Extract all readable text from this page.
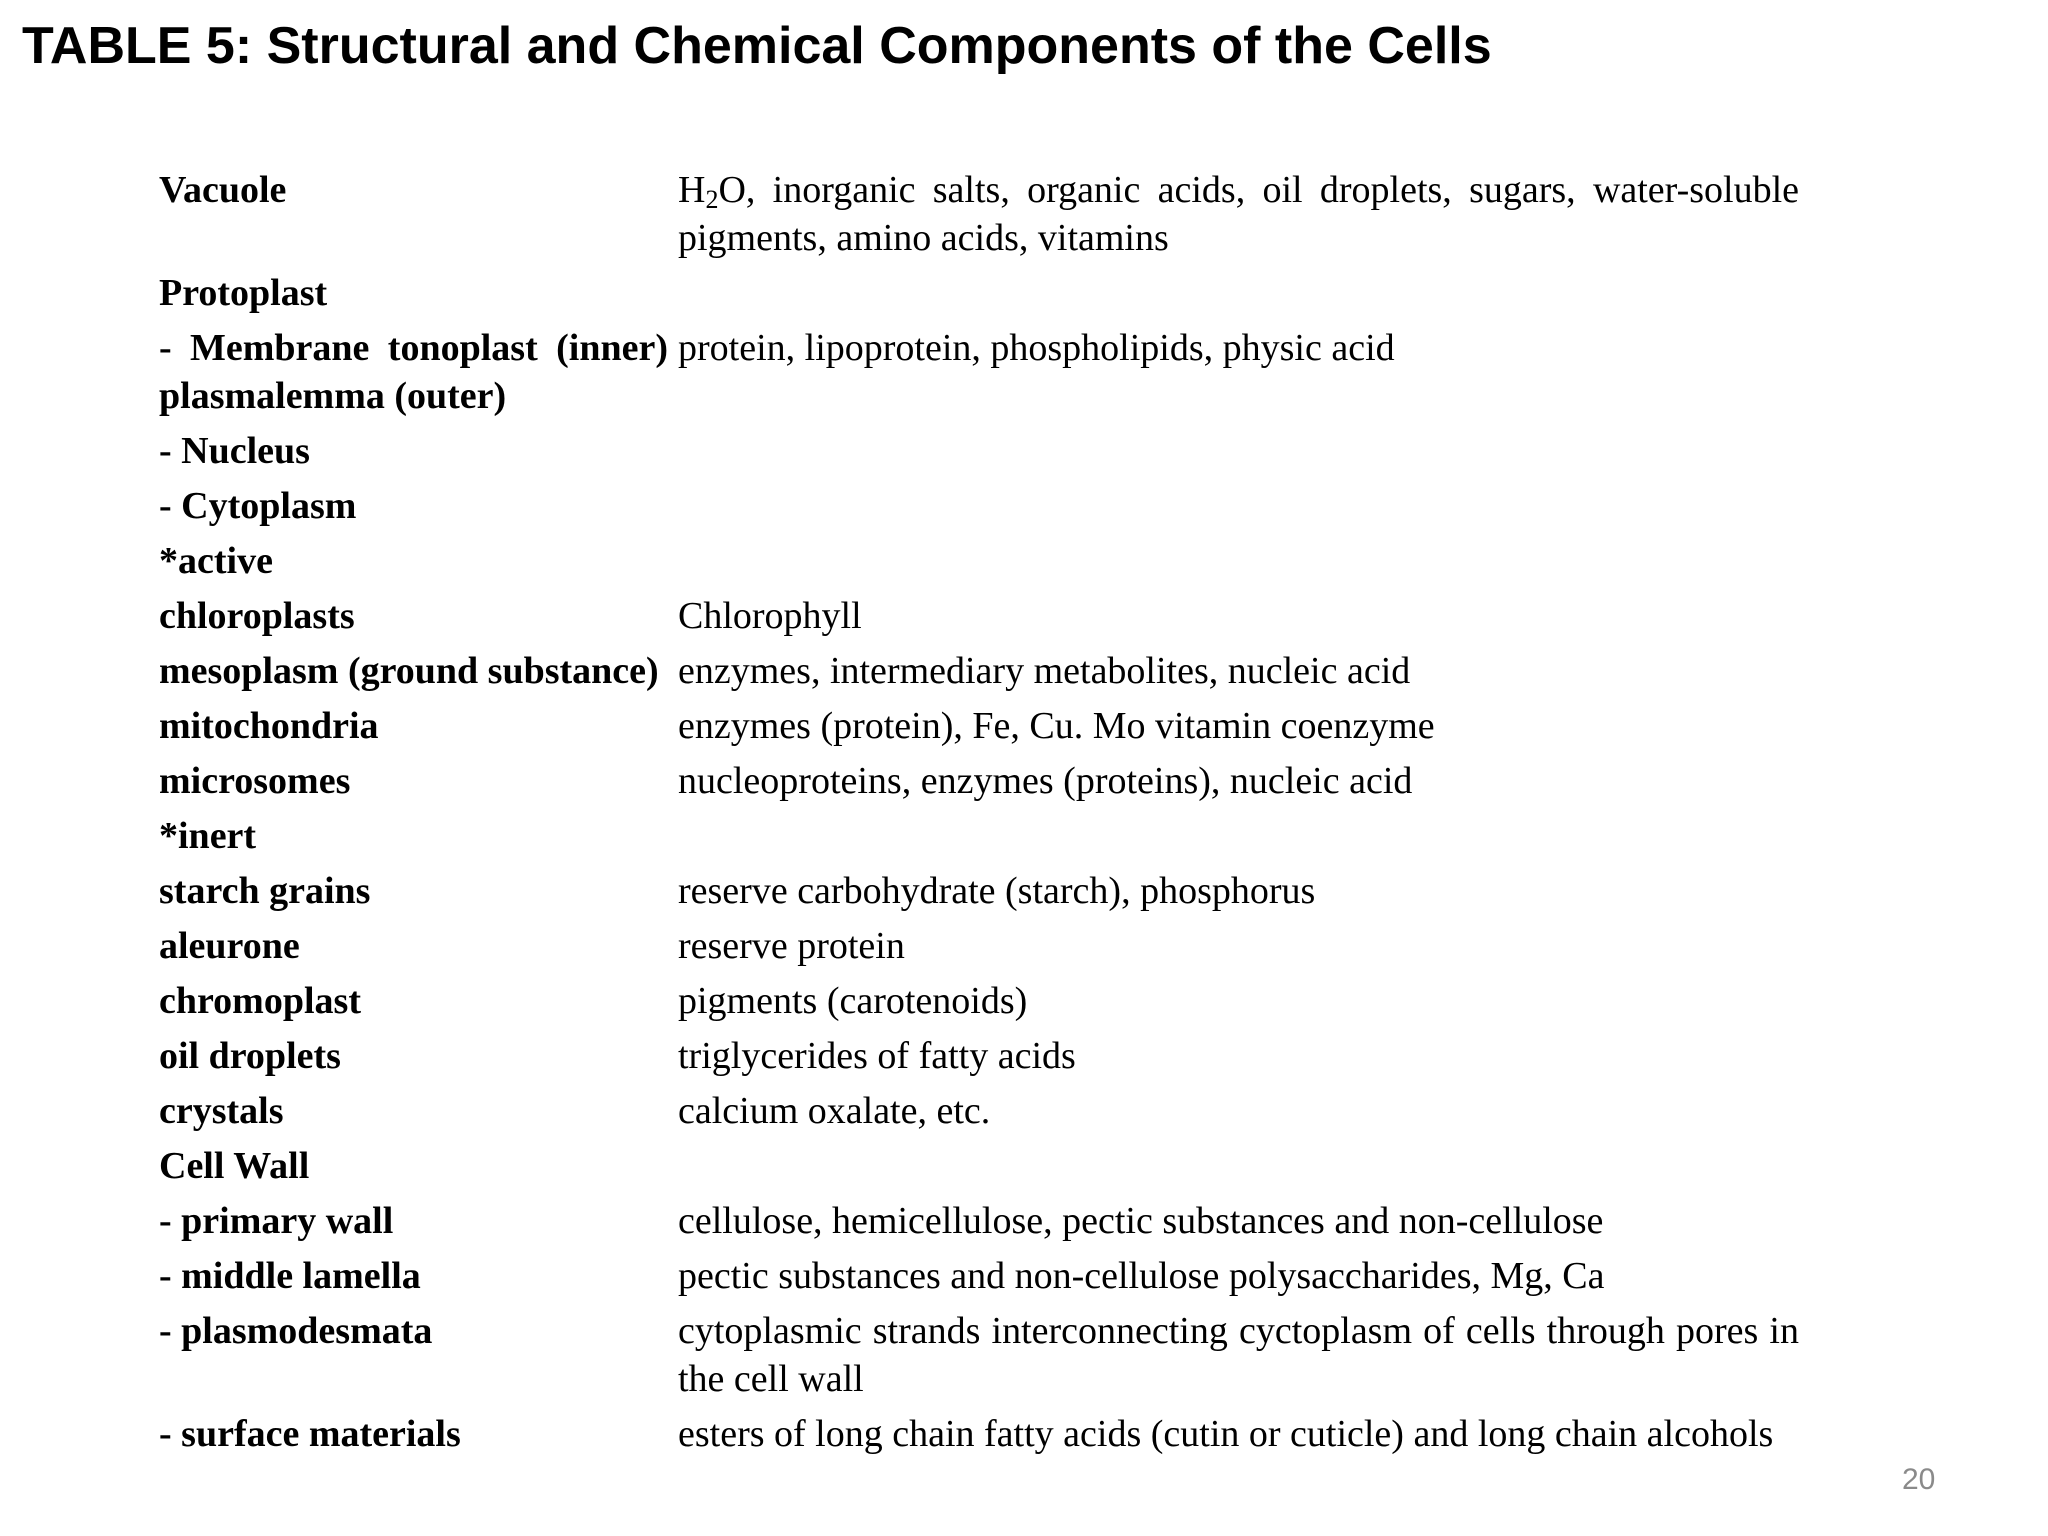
TABLE 5: Structural and Chemical Components of the Cells
Vacuole	$H_2O$, inorganic salts, organic acids, oil droplets, sugars, water-soluble pigments, amino acids, vitamins
Protoplast	
- Membrane tonoplast (inner) plasmalemma (outer)	protein, lipoprotein, phospholipids, physic acid
- Nucleus	
- Cytoplasm	
*active	
chloroplasts	Chlorophyll
mesoplasm (ground substance)	enzymes, intermediary metabolites, nucleic acid
mitochondria	enzymes (protein), Fe, Cu. Mo vitamin coenzyme
microsomes	nucleoproteins, enzymes (proteins), nucleic acid
*inert	
starch grains	reserve carbohydrate (starch), phosphorus
aleurone	reserve protein
chromoplast	pigments (carotenoids)
oil droplets	triglycerides of fatty acids
crystals	calcium oxalate, etc.
Cell Wall	
- primary wall	cellulose, hemicellulose, pectic substances and non-cellulose
- middle lamella	pectic substances and non-cellulose polysaccharides, Mg, Ca
- plasmodesmata	cytoplasmic strands interconnecting cyctoplasm of cells through pores in the cell wall
- surface materials	esters of long chain fatty acids (cutin or cuticle) and long chain alcohols
20
